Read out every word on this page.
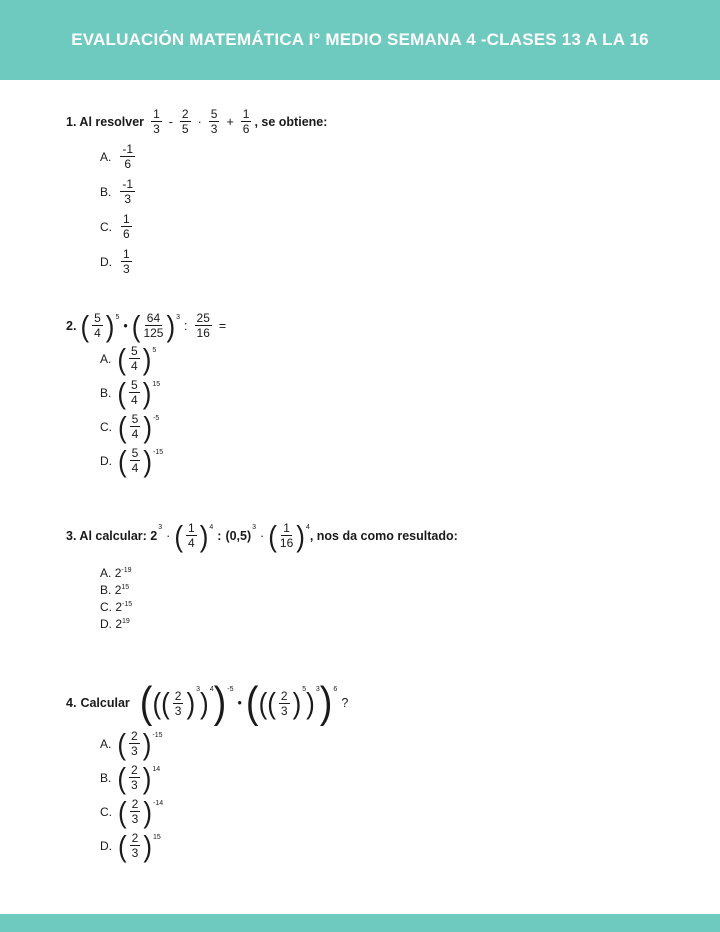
EVALUACIÓN MATEMÁTICA I° MEDIO SEMANA 4 -CLASES 13 A LA 16
1. Al resolver $\frac{1}{3} - \frac{2}{5} \cdot \frac{5}{3} + \frac{1}{6}$ , se obtiene:
A. $\frac{-1}{6}$
B. $\frac{-1}{3}$
C. $\frac{1}{6}$
D. $\frac{1}{3}$
2. ( $\frac{5}{4}$ ) 5
• ( $\frac{64}{125}$ ) 3
: $\frac{25}{16}$ =
A. ( $\frac{5}{4}$ ) 5
B. ( $\frac{5}{4}$ ) 15
C. ( $\frac{5}{4}$ ) -5
D. ( $\frac{5}{4}$ ) -15
3. Al calcular: 2
3
· ( $\frac{1}{4}$ ) 4
: (0,5)
3
· ( $\frac{1}{16}$ ) 4
, nos da como resultado:
A. $2^{-19}$
B. $2^{15}$
C. $2^{-15}$
D. $2^{19}$
4. Calcular ( ( ( $\frac{2}{3}$ ) 3 ) 4 ) -5
• ( ( ( $\frac{2}{3}$ ) 5 ) 3 ) 6
?
A. ( $\frac{2}{3}$ ) -15
B. ( $\frac{2}{3}$ ) 14
C. ( $\frac{2}{3}$ ) -14
D. ( $\frac{2}{3}$ ) 15
